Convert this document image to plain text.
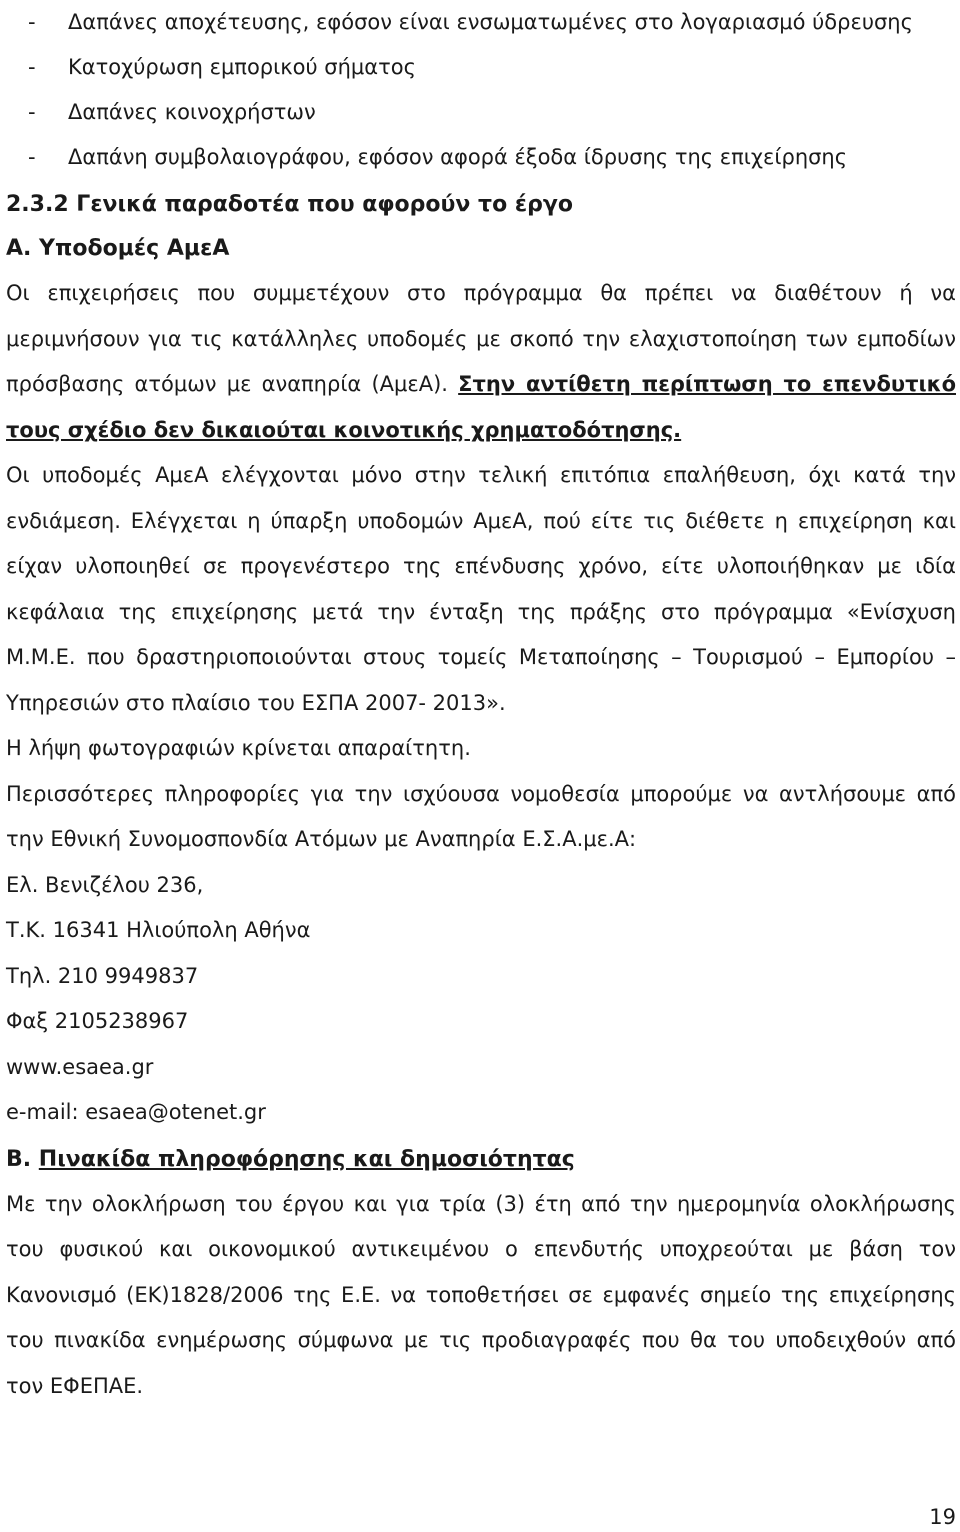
-	Δαπάνες αποχέτευσης, εφόσον είναι ενσωματωμένες στο λογαριασμό ύδρευσης
-	Κατοχύρωση εμπορικού σήματος
-	Δαπάνες κοινοχρήστων
-	Δαπάνη συμβολαιογράφου, εφόσον αφορά έξοδα ίδρυσης της επιχείρησης
2.3.2 Γενικά παραδοτέα που αφορούν το έργο
Α. Υποδομές ΑμεΑ

Οι επιχειρήσεις που συμμετέχουν στο πρόγραμμα θα πρέπει να διαθέτουν ή να μεριμνήσουν για τις κατάλληλες υποδομές με σκοπό την ελαχιστοποίηση των εμποδίων πρόσβασης ατόμων με αναπηρία (ΑμεΑ). Στην αντίθετη περίπτωση το επενδυτικό τους σχέδιο δεν δικαιούται κοινοτικής χρηματοδότησης.

Οι υποδομές ΑμεΑ ελέγχονται μόνο στην τελική επιτόπια επαλήθευση, όχι κατά την ενδιάμεση. Ελέγχεται η ύπαρξη υποδομών ΑμεΑ, πού είτε τις διέθετε η επιχείρηση και είχαν υλοποιηθεί σε προγενέστερο της επένδυσης χρόνο, είτε υλοποιήθηκαν με ιδία κεφάλαια της επιχείρησης μετά την ένταξη της πράξης στο πρόγραμμα «Ενίσχυση Μ.Μ.Ε. που δραστηριοποιούνται στους τομείς Μεταποίησης – Τουρισμού – Εμπορίου – Υπηρεσιών στο πλαίσιο του ΕΣΠΑ 2007- 2013».

Η λήψη φωτογραφιών κρίνεται απαραίτητη.

Περισσότερες πληροφορίες για την ισχύουσα νομοθεσία μπορούμε να αντλήσουμε από την Εθνική Συνομοσπονδία Ατόμων με Αναπηρία Ε.Σ.Α.με.Α:

Ελ. Βενιζέλου 236,

Τ.Κ. 16341 Ηλιούπολη Αθήνα

Τηλ. 210 9949837

Φαξ 2105238967

www.esaea.gr

e-mail: esaea@otenet.gr

Β. Πινακίδα πληροφόρησης και δημοσιότητας

Με την ολοκλήρωση του έργου και για τρία (3) έτη από την ημερομηνία ολοκλήρωσης του φυσικού και οικονομικού αντικειμένου ο επενδυτής υποχρεούται με βάση τον Κανονισμό (ΕΚ)1828/2006 της Ε.Ε. να τοποθετήσει σε εμφανές σημείο της επιχείρησης του πινακίδα ενημέρωσης σύμφωνα με τις προδιαγραφές που θα του υποδειχθούν από τον ΕΦΕΠΑΕ.

19
